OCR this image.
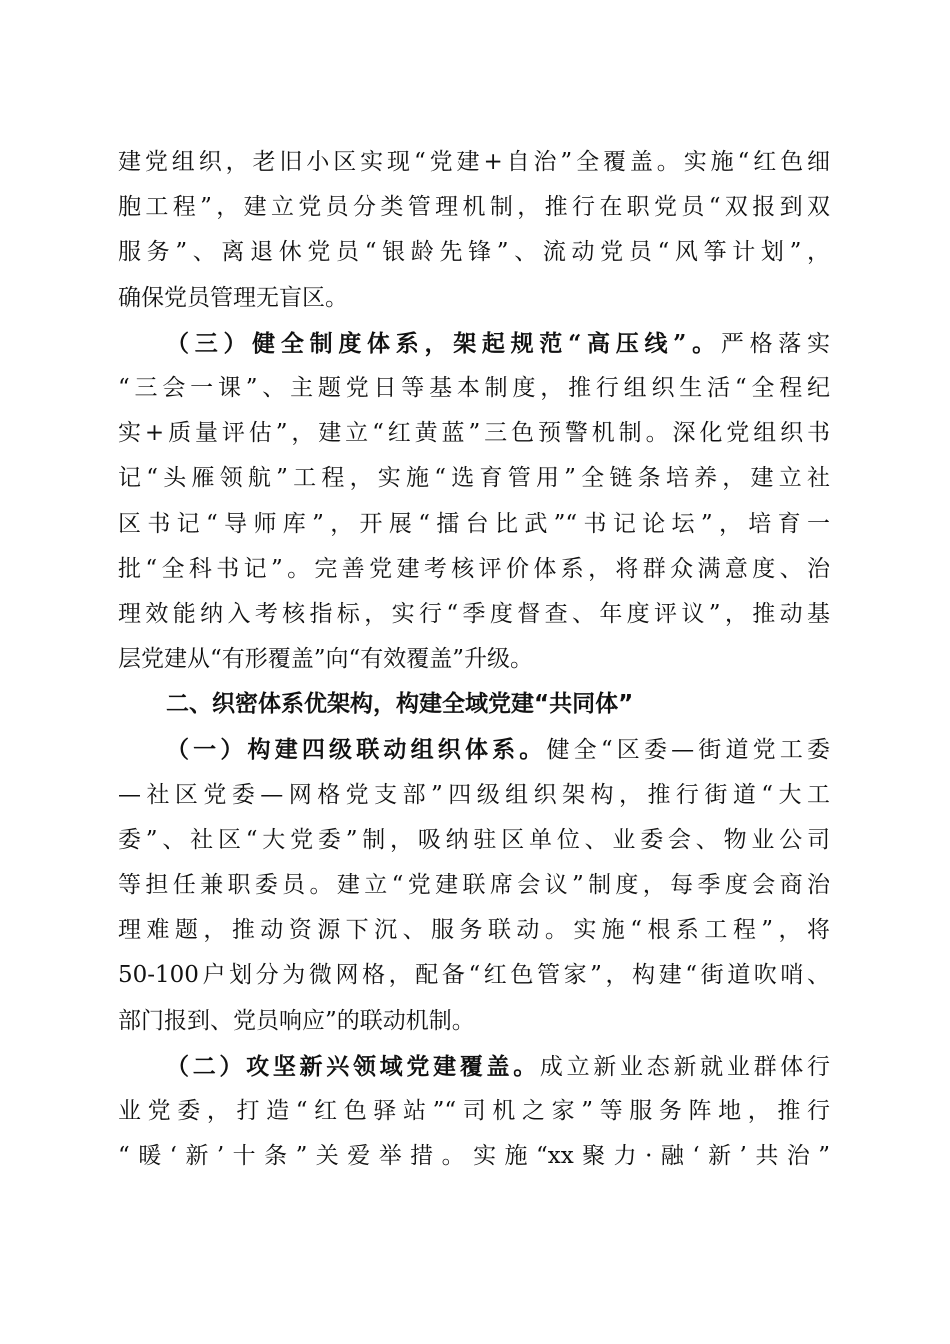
建党组织，老旧小区实现“党建+自治”全覆盖。实施“红色细
胞工程”，建立党员分类管理机制，推行在职党员“双报到双
服务”、离退休党员“银龄先锋”、流动党员“风筝计划”，
确保党员管理无盲区。
（三）健全制度体系，架起规范“高压线”。严格落实
“三会一课”、主题党日等基本制度，推行组织生活“全程纪
实+质量评估”，建立“红黄蓝”三色预警机制。深化党组织书
记“头雁领航”工程，实施“选育管用”全链条培养，建立社
区书记“导师库”，开展“擂台比武”“书记论坛”，培育一
批“全科书记”。完善党建考核评价体系，将群众满意度、治
理效能纳入考核指标，实行“季度督查、年度评议”，推动基
层党建从“有形覆盖”向“有效覆盖”升级。
二、织密体系优架构，构建全域党建“共同体”
（一）构建四级联动组织体系。健全“区委—街道党工委
—社区党委—网格党支部”四级组织架构，推行街道“大工
委”、社区“大党委”制，吸纳驻区单位、业委会、物业公司
等担任兼职委员。建立“党建联席会议”制度，每季度会商治
理难题，推动资源下沉、服务联动。实施“根系工程”，将
50-100户划分为微网格，配备“红色管家”，构建“街道吹哨、
部门报到、党员响应”的联动机制。
（二）攻坚新兴领域党建覆盖。成立新业态新就业群体行
业党委，打造“红色驿站”“司机之家”等服务阵地，推行
“暖‘新’十条”关爱举措。实施“xx聚力·融‘新’共治”
